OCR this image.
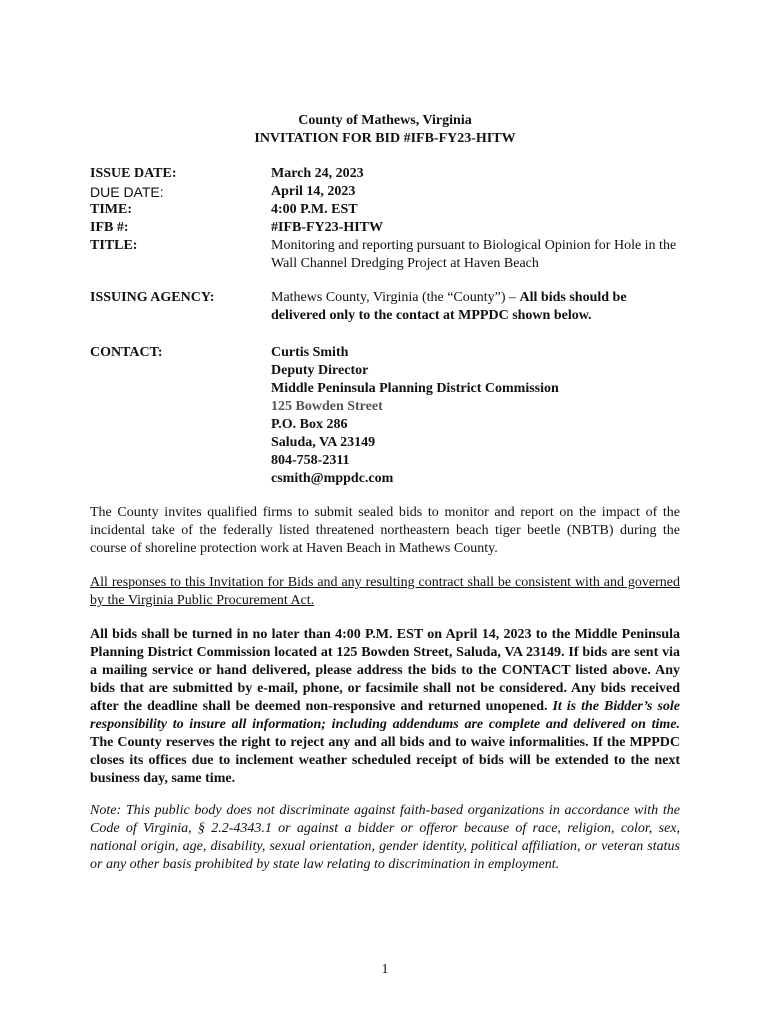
County of Mathews, Virginia
INVITATION FOR BID #IFB-FY23-HITW
ISSUE DATE:	March 24, 2023
DUE DATE:	April 14, 2023
TIME:	4:00 P.M. EST
IFB #:	#IFB-FY23-HITW
TITLE:	Monitoring and reporting pursuant to Biological Opinion for Hole in the Wall Channel Dredging Project at Haven Beach
ISSUING AGENCY:	Mathews County, Virginia (the “County”) – All bids should be delivered only to the contact at MPPDC shown below.
CONTACT:	Curtis Smith
Deputy Director
Middle Peninsula Planning District Commission
125 Bowden Street
P.O. Box 286
Saluda, VA 23149
804-758-2311
csmith@mppdc.com
The County invites qualified firms to submit sealed bids to monitor and report on the impact of the incidental take of the federally listed threatened northeastern beach tiger beetle (NBTB) during the course of shoreline protection work at Haven Beach in Mathews County.
All responses to this Invitation for Bids and any resulting contract shall be consistent with and governed by the Virginia Public Procurement Act.
All bids shall be turned in no later than 4:00 P.M. EST on April 14, 2023 to the Middle Peninsula Planning District Commission located at 125 Bowden Street, Saluda, VA 23149. If bids are sent via a mailing service or hand delivered, please address the bids to the CONTACT listed above. Any bids that are submitted by e-mail, phone, or facsimile shall not be considered. Any bids received after the deadline shall be deemed non-responsive and returned unopened. It is the Bidder’s sole responsibility to insure all information; including addendums are complete and delivered on time. The County reserves the right to reject any and all bids and to waive informalities. If the MPPDC closes its offices due to inclement weather scheduled receipt of bids will be extended to the next business day, same time.
Note: This public body does not discriminate against faith-based organizations in accordance with the Code of Virginia, § 2.2-4343.1 or against a bidder or offeror because of race, religion, color, sex, national origin, age, disability, sexual orientation, gender identity, political affiliation, or veteran status or any other basis prohibited by state law relating to discrimination in employment.
1
